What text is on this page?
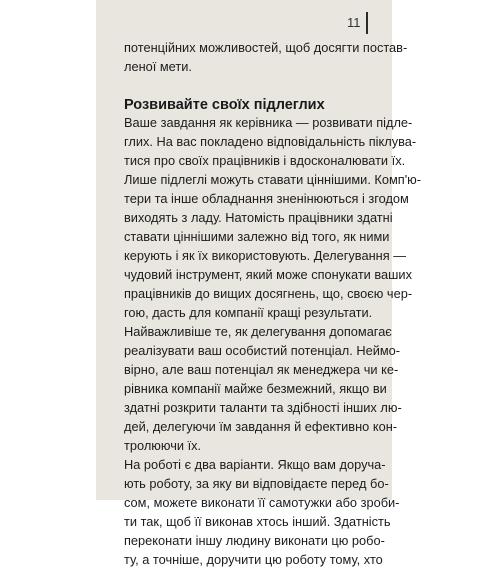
11
потенційних можливостей, щоб досягти постав-
леної мети.
Розвивайте своїх підлеглих
Ваше завдання як керівника — розвивати підле-
глих. На вас покладено відповідальність піклува-
тися про своїх працівників і вдосконалювати їх.
Лише підлеглі можуть ставати ціннішими. Комп'ю-
тери та інше обладнання зненінюються і згодом
виходять з ладу. Натомість працівники здатні
ставати ціннішими залежно від того, як ними
керують і як їх використовують. Делегування —
чудовий інструмент, який може спонукати ваших
працівників до вищих досягнень, що, своєю чер-
гою, дасть для компанії кращі результати.
Найважливіше те, як делегування допомагає
реалізувати ваш особистий потенціал. Неймо-
вірно, але ваш потенціал як менеджера чи ке-
рівника компанії майже безмежний, якщо ви
здатні розкрити таланти та здібності інших лю-
дей, делегуючи їм завдання й ефективно кон-
тролюючи їх.
На роботі є два варіанти. Якщо вам доруча-
ють роботу, за яку ви відповідаєте перед бо-
сом, можете виконати її самотужки або зроби-
ти так, щоб її виконав хтось інший. Здатність
переконати іншу людину виконати цю робо-
ту, а точніше, доручити цю роботу тому, хто
